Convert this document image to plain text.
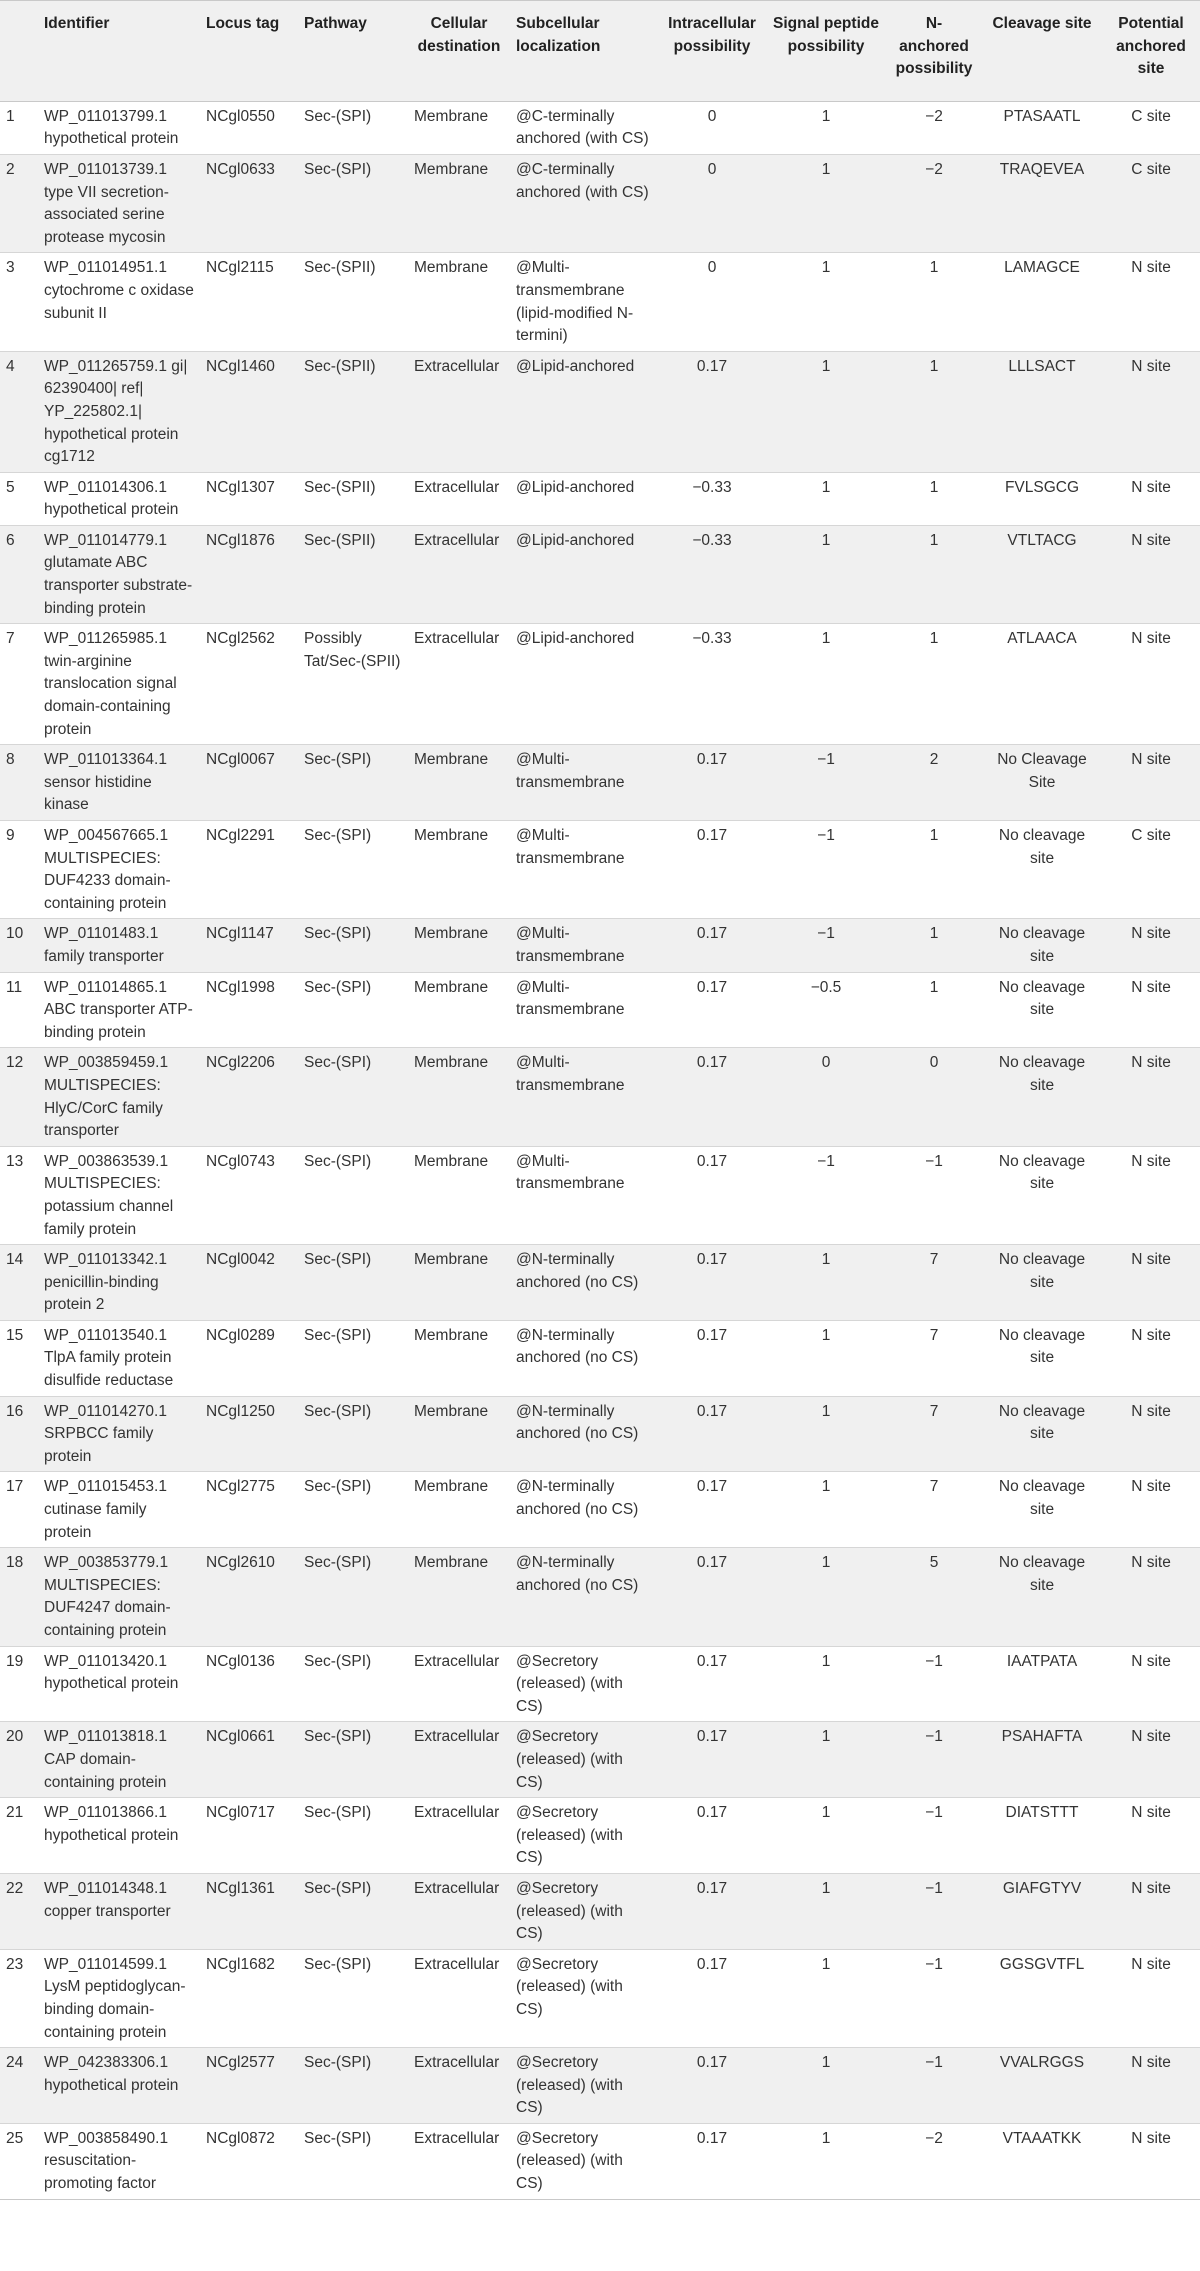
	Identifier	Locus tag	Pathway	Cellular destination	Subcellular localization	Intracellular possibility	Signal peptide possibility	N-anchored possibility	Cleavage site	Potential anchored site
1	WP_011013799.1 hypothetical protein	NCgl0550	Sec-(SPI)	Membrane	@C-terminally anchored (with CS)	0	1	−2	PTASAATL	C site
2	WP_011013739.1 type VII secretion-associated serine protease mycosin	NCgl0633	Sec-(SPI)	Membrane	@C-terminally anchored (with CS)	0	1	−2	TRAQEVEA	C site
3	WP_011014951.1 cytochrome c oxidase subunit II	NCgl2115	Sec-(SPII)	Membrane	@Multi-transmembrane (lipid-modified N-termini)	0	1	1	LAMAGCE	N site
4	WP_011265759.1 gi| 62390400| ref| YP_225802.1| hypothetical protein cg1712	NCgl1460	Sec-(SPII)	Extracellular	@Lipid-anchored	0.17	1	1	LLLSACT	N site
5	WP_011014306.1 hypothetical protein	NCgl1307	Sec-(SPII)	Extracellular	@Lipid-anchored	−0.33	1	1	FVLSGCG	N site
6	WP_011014779.1 glutamate ABC transporter substrate-binding protein	NCgl1876	Sec-(SPII)	Extracellular	@Lipid-anchored	−0.33	1	1	VTLTACG	N site
7	WP_011265985.1 twin-arginine translocation signal domain-containing protein	NCgl2562	Possibly Tat/Sec-(SPII)	Extracellular	@Lipid-anchored	−0.33	1	1	ATLAACA	N site
8	WP_011013364.1 sensor histidine kinase	NCgl0067	Sec-(SPI)	Membrane	@Multi-transmembrane	0.17	−1	2	No Cleavage Site	N site
9	WP_004567665.1 MULTISPECIES: DUF4233 domain-containing protein	NCgl2291	Sec-(SPI)	Membrane	@Multi-transmembrane	0.17	−1	1	No cleavage site	C site
10	WP_01101483.1 family transporter	NCgl1147	Sec-(SPI)	Membrane	@Multi-transmembrane	0.17	−1	1	No cleavage site	N site
11	WP_011014865.1 ABC transporter ATP-binding protein	NCgl1998	Sec-(SPI)	Membrane	@Multi-transmembrane	0.17	−0.5	1	No cleavage site	N site
12	WP_003859459.1 MULTISPECIES: HlyC/CorC family transporter	NCgl2206	Sec-(SPI)	Membrane	@Multi-transmembrane	0.17	0	0	No cleavage site	N site
13	WP_003863539.1 MULTISPECIES: potassium channel family protein	NCgl0743	Sec-(SPI)	Membrane	@Multi-transmembrane	0.17	−1	−1	No cleavage site	N site
14	WP_011013342.1 penicillin-binding protein 2	NCgl0042	Sec-(SPI)	Membrane	@N-terminally anchored (no CS)	0.17	1	7	No cleavage site	N site
15	WP_011013540.1 TlpA family protein disulfide reductase	NCgl0289	Sec-(SPI)	Membrane	@N-terminally anchored (no CS)	0.17	1	7	No cleavage site	N site
16	WP_011014270.1 SRPBCC family protein	NCgl1250	Sec-(SPI)	Membrane	@N-terminally anchored (no CS)	0.17	1	7	No cleavage site	N site
17	WP_011015453.1 cutinase family protein	NCgl2775	Sec-(SPI)	Membrane	@N-terminally anchored (no CS)	0.17	1	7	No cleavage site	N site
18	WP_003853779.1 MULTISPECIES: DUF4247 domain-containing protein	NCgl2610	Sec-(SPI)	Membrane	@N-terminally anchored (no CS)	0.17	1	5	No cleavage site	N site
19	WP_011013420.1 hypothetical protein	NCgl0136	Sec-(SPI)	Extracellular	@Secretory (released) (with CS)	0.17	1	−1	IAATPATA	N site
20	WP_011013818.1 CAP domain-containing protein	NCgl0661	Sec-(SPI)	Extracellular	@Secretory (released) (with CS)	0.17	1	−1	PSAHAFTA	N site
21	WP_011013866.1 hypothetical protein	NCgl0717	Sec-(SPI)	Extracellular	@Secretory (released) (with CS)	0.17	1	−1	DIATSTTT	N site
22	WP_011014348.1 copper transporter	NCgl1361	Sec-(SPI)	Extracellular	@Secretory (released) (with CS)	0.17	1	−1	GIAFGTYV	N site
23	WP_011014599.1 LysM peptidoglycan-binding domain-containing protein	NCgl1682	Sec-(SPI)	Extracellular	@Secretory (released) (with CS)	0.17	1	−1	GGSGVTFL	N site
24	WP_042383306.1 hypothetical protein	NCgl2577	Sec-(SPI)	Extracellular	@Secretory (released) (with CS)	0.17	1	−1	VVALRGGS	N site
25	WP_003858490.1 resuscitation-promoting factor	NCgl0872	Sec-(SPI)	Extracellular	@Secretory (released) (with CS)	0.17	1	−2	VTAAATKK	N site
